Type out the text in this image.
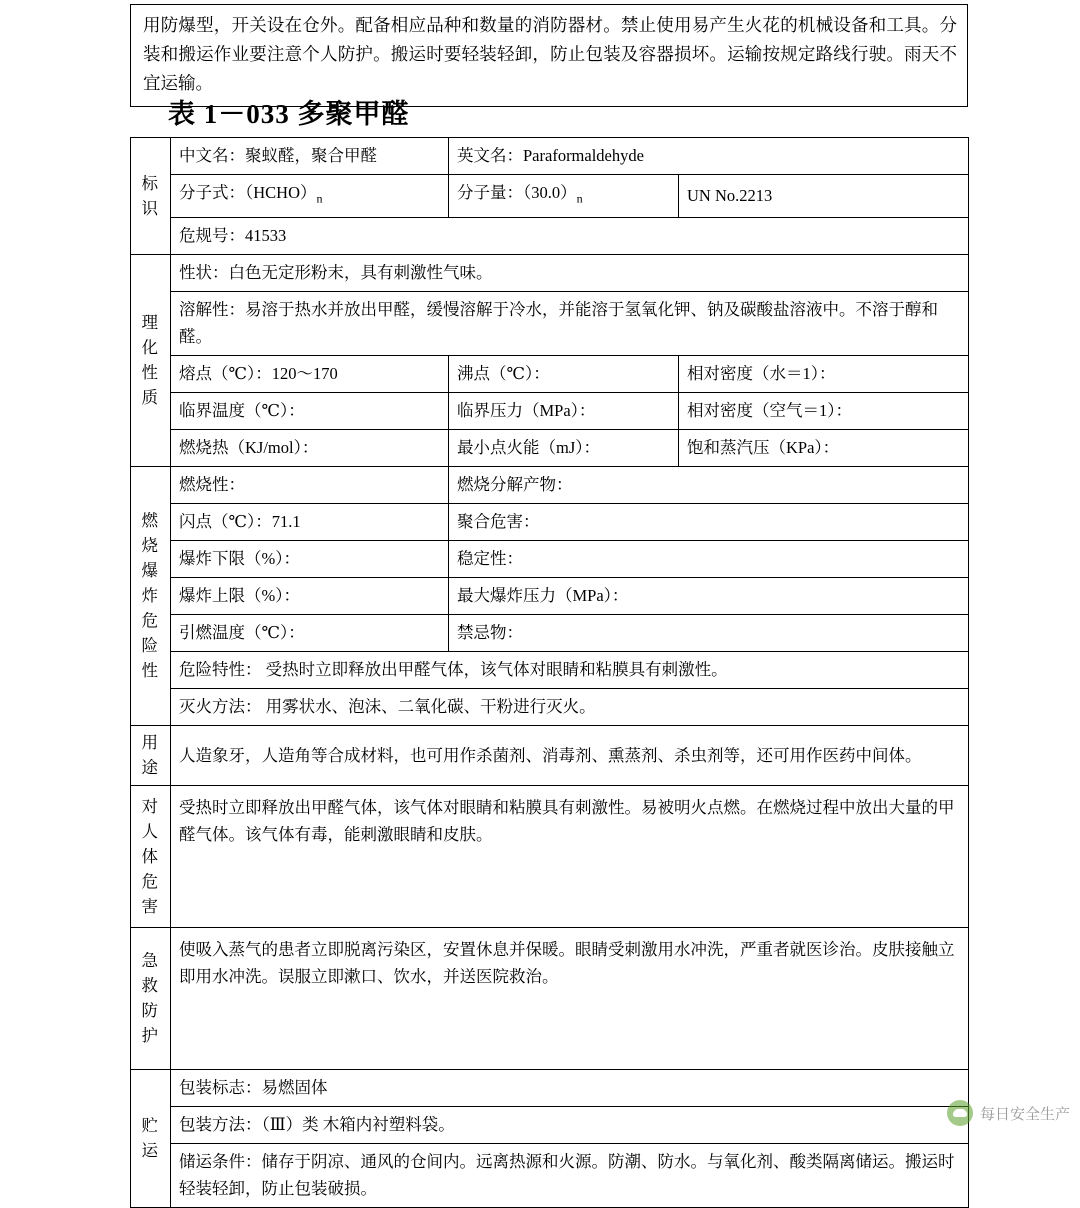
用防爆型，开关设在仓外。配备相应品种和数量的消防器材。禁止使用易产生火花的机械设备和工具。分装和搬运作业要注意个人防护。搬运时要轻装轻卸，防止包装及容器损坏。运输按规定路线行驶。雨天不宜运输。

表 1－033 多聚甲醛
标识	中文名：聚蚁醛，聚合甲醛	英文名：Paraformaldehyde	
	分子式：$(HCHO)_n$	分子量：$(30.0)_n$	UN No.2213
	危规号：41533		

理化性质	性状：白色无定形粉末，具有刺激性气味。		
	溶解性：易溶于热水并放出甲醛，缓慢溶解于冷水，并能溶于氢氧化钾、钠及碳酸盐溶液中。不溶于醇和醛。		
	熔点（℃）：120～170	沸点（℃）：	相对密度（水＝1）：
	临界温度（℃）：	临界压力（MPa）：	相对密度（空气＝1）：
	燃烧热（KJ/mol）：	最小点火能（mJ）：	饱和蒸汽压（KPa）：

燃烧爆炸危险性	燃烧性：	燃烧分解产物：	
	闪点（℃）：71.1	聚合危害：	
	爆炸下限（%）：	稳定性：	
	爆炸上限（%）：	最大爆炸压力（MPa）：	
	引燃温度（℃）：	禁忌物：	
	危险特性： 受热时立即释放出甲醛气体，该气体对眼睛和粘膜具有刺激性。		
	灭火方法： 用雾状水、泡沫、二氧化碳、干粉进行灭火。		

用途	人造象牙，人造角等合成材料，也可用作杀菌剂、消毒剂、熏蒸剂、杀虫剂等，还可用作医药中间体。		

对人体危害	受热时立即释放出甲醛气体，该气体对眼睛和粘膜具有刺激性。易被明火点燃。在燃烧过程中放出大量的甲醛气体。该气体有毒，能刺激眼睛和皮肤。		

急救防护	使吸入蒸气的患者立即脱离污染区，安置休息并保暖。眼睛受刺激用水冲洗，严重者就医诊治。皮肤接触立即用水冲洗。误服立即漱口、饮水，并送医院救治。		

贮运	包装标志：易燃固体		
	包装方法：（Ⅲ）类 木箱内衬塑料袋。		
	储运条件：储存于阴凉、通风的仓间内。远离热源和火源。防潮、防水。与氧化剂、酸类隔离储运。搬运时轻装轻卸，防止包装破损。		
每日安全生产
